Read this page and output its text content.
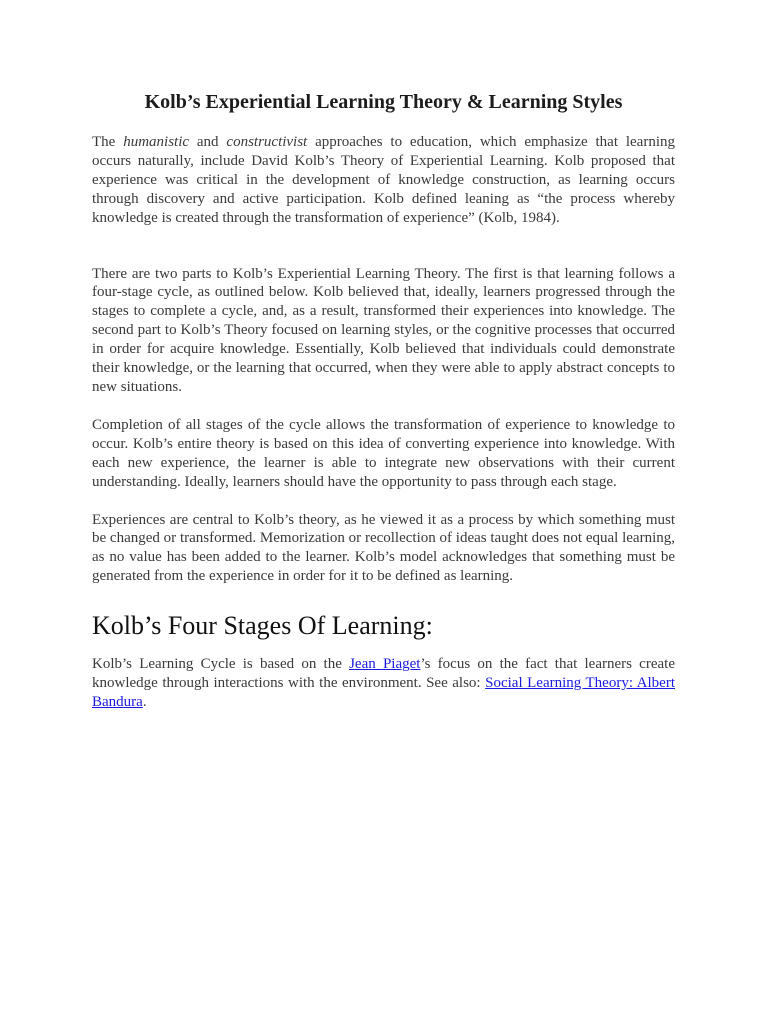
Kolb’s Experiential Learning Theory & Learning Styles

The humanistic and constructivist approaches to education, which emphasize that learning occurs naturally, include David Kolb’s Theory of Experiential Learning. Kolb proposed that experience was critical in the development of knowledge construction, as learning occurs through discovery and active participation. Kolb defined leaning as “the process whereby knowledge is created through the transformation of experience” (Kolb, 1984).

There are two parts to Kolb’s Experiential Learning Theory. The first is that learning follows a four-stage cycle, as outlined below. Kolb believed that, ideally, learners progressed through the stages to complete a cycle, and, as a result, transformed their experiences into knowledge. The second part to Kolb’s Theory focused on learning styles, or the cognitive processes that occurred in order for acquire knowledge. Essentially, Kolb believed that individuals could demonstrate their knowledge, or the learning that occurred, when they were able to apply abstract concepts to new situations.

Completion of all stages of the cycle allows the transformation of experience to knowledge to occur. Kolb’s entire theory is based on this idea of converting experience into knowledge. With each new experience, the learner is able to integrate new observations with their current understanding. Ideally, learners should have the opportunity to pass through each stage.

Experiences are central to Kolb’s theory, as he viewed it as a process by which something must be changed or transformed. Memorization or recollection of ideas taught does not equal learning, as no value has been added to the learner. Kolb’s model acknowledges that something must be generated from the experience in order for it to be defined as learning.

Kolb’s Four Stages Of Learning:

Kolb’s Learning Cycle is based on the Jean Piaget’s focus on the fact that learners create knowledge through interactions with the environment. See also: Social Learning Theory: Albert Bandura.
